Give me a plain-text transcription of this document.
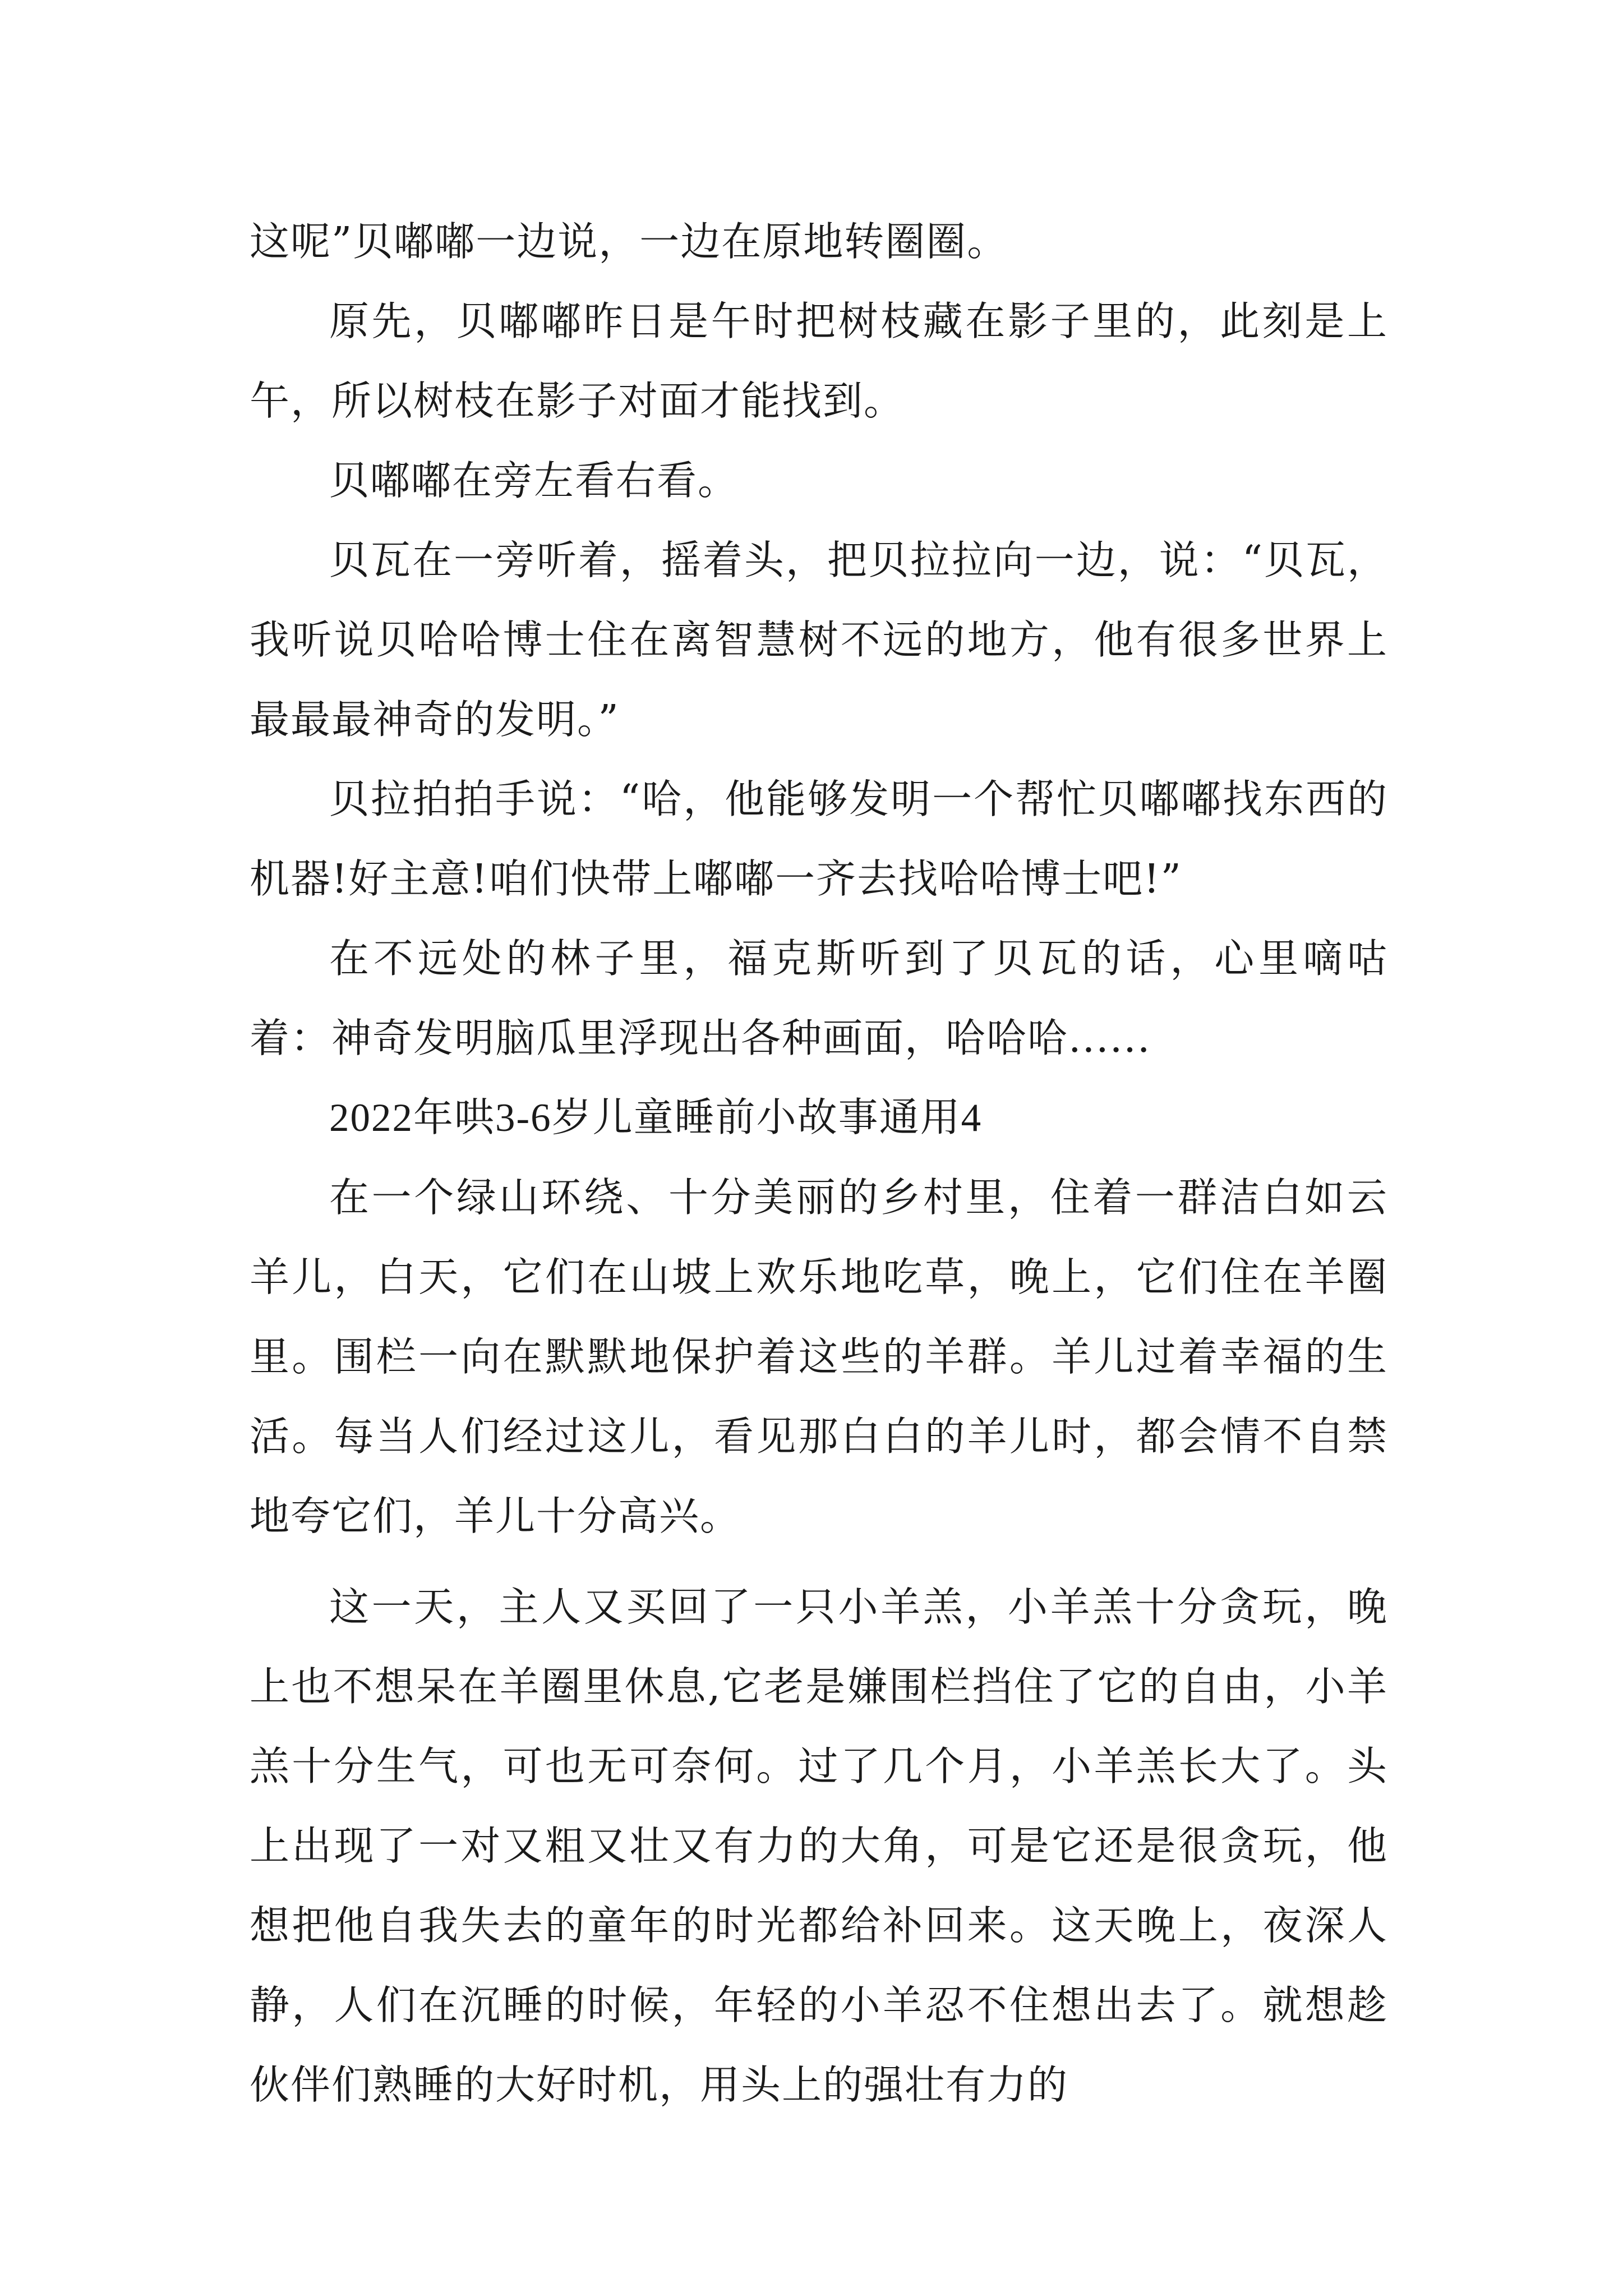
这呢”贝嘟嘟一边说，一边在原地转圈圈。

原先，贝嘟嘟昨日是午时把树枝藏在影子里的，此刻是上午，所以树枝在影子对面才能找到。

贝嘟嘟在旁左看右看。

贝瓦在一旁听着，摇着头，把贝拉拉向一边，说：“贝瓦，我听说贝哈哈博士住在离智慧树不远的地方，他有很多世界上最最最神奇的发明。”

贝拉拍拍手说：“哈，他能够发明一个帮忙贝嘟嘟找东西的机器!好主意!咱们快带上嘟嘟一齐去找哈哈博士吧!”

在不远处的林子里，福克斯听到了贝瓦的话，心里嘀咕着：神奇发明脑瓜里浮现出各种画面，哈哈哈......

2022年哄3-6岁儿童睡前小故事通用4

在一个绿山环绕、十分美丽的乡村里，住着一群洁白如云羊儿，白天，它们在山坡上欢乐地吃草，晚上，它们住在羊圈里。围栏一向在默默地保护着这些的羊群。羊儿过着幸福的生活。每当人们经过这儿，看见那白白的羊儿时，都会情不自禁地夸它们，羊儿十分高兴。

这一天，主人又买回了一只小羊羔，小羊羔十分贪玩，晚上也不想呆在羊圈里休息,它老是嫌围栏挡住了它的自由，小羊羔十分生气，可也无可奈何。过了几个月，小羊羔长大了。头上出现了一对又粗又壮又有力的大角，可是它还是很贪玩，他想把他自我失去的童年的时光都给补回来。这天晚上，夜深人静，人们在沉睡的时候，年轻的小羊忍不住想出去了。就想趁伙伴们熟睡的大好时机，用头上的强壮有力的
